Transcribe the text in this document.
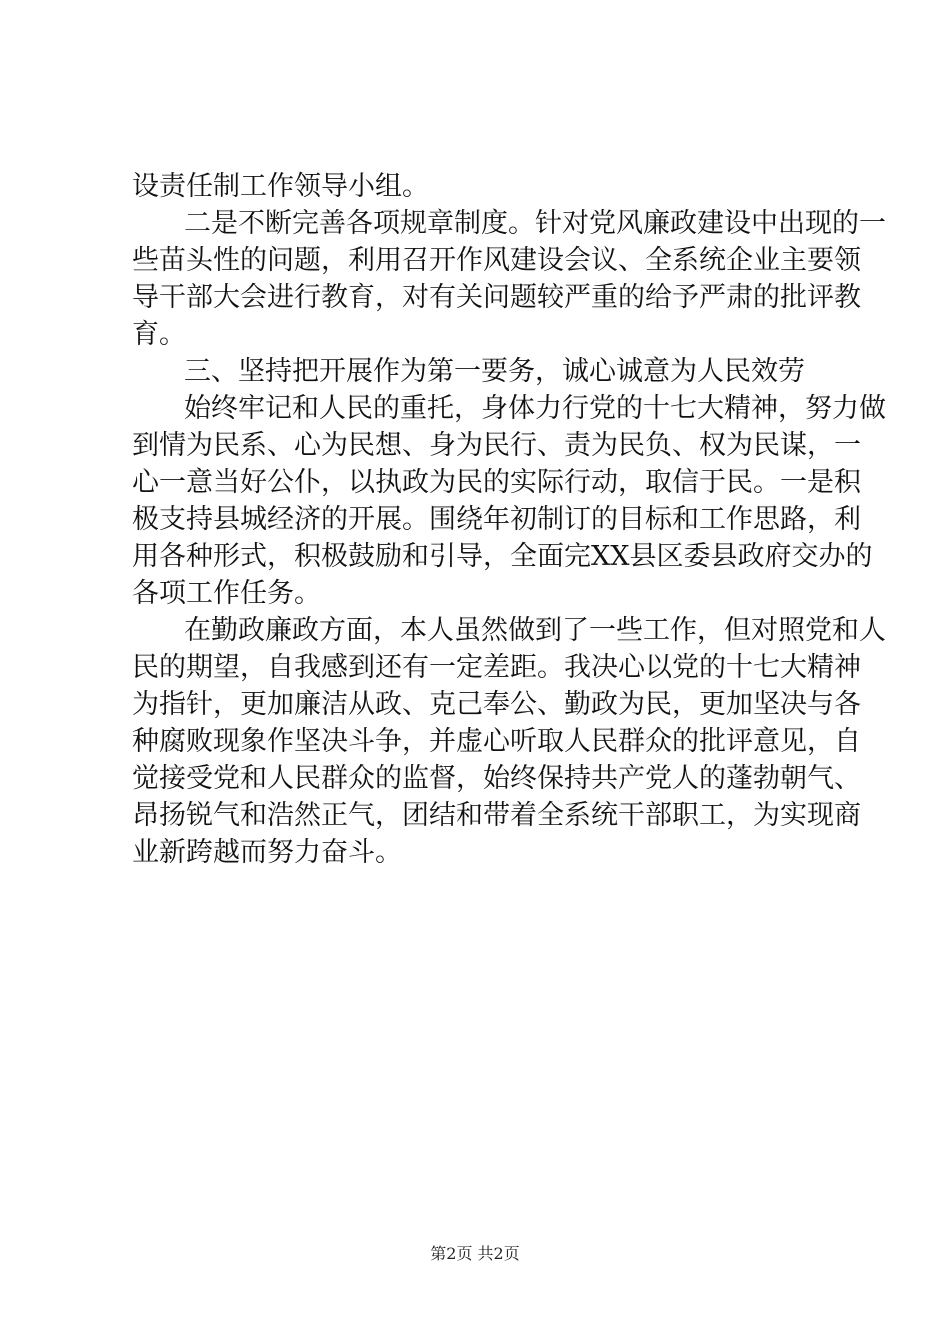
设责任制工作领导小组。
二是不断完善各项规章制度。针对党风廉政建设中出现的一
些苗头性的问题，利用召开作风建设会议、全系统企业主要领
导干部大会进行教育，对有关问题较严重的给予严肃的批评教
育。
三、坚持把开展作为第一要务，诚心诚意为人民效劳
始终牢记和人民的重托，身体力行党的十七大精神，努力做
到情为民系、心为民想、身为民行、责为民负、权为民谋，一
心一意当好公仆，以执政为民的实际行动，取信于民。一是积
极支持县城经济的开展。围绕年初制订的目标和工作思路，利
用各种形式，积极鼓励和引导，全面完XX县区委县政府交办的
各项工作任务。
在勤政廉政方面，本人虽然做到了一些工作，但对照党和人
民的期望，自我感到还有一定差距。我决心以党的十七大精神
为指针，更加廉洁从政、克己奉公、勤政为民，更加坚决与各
种腐败现象作坚决斗争，并虚心听取人民群众的批评意见，自
觉接受党和人民群众的监督，始终保持共产党人的蓬勃朝气、
昂扬锐气和浩然正气，团结和带着全系统干部职工，为实现商
业新跨越而努力奋斗。
第2页 共2页
